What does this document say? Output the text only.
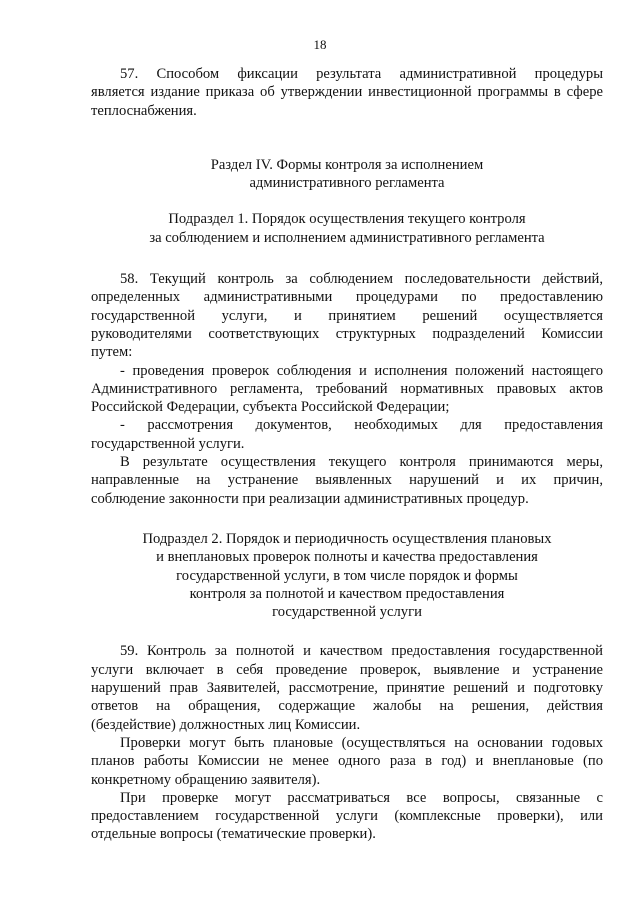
18

57. Способом фиксации результата административной процедуры

является издание приказа об утверждении инвестиционной программы в сфере

теплоснабжения.

Раздел IV. Формы контроля за исполнением
административного регламента
Подраздел 1. Порядок осуществления текущего контроля
за соблюдением и исполнением административного регламента

58. Текущий контроль за соблюдением последовательности действий,

определенных административными процедурами по предоставлению

государственной услуги, и принятием решений осуществляется

руководителями соответствующих структурных подразделений Комиссии

путем:

- проведения проверок соблюдения и исполнения положений настоящего

Административного регламента, требований нормативных правовых актов

Российской Федерации, субъекта Российской Федерации;

- рассмотрения документов, необходимых для предоставления

государственной услуги.

В результате осуществления текущего контроля принимаются меры,

направленные на устранение выявленных нарушений и их причин,

соблюдение законности при реализации административных процедур.

Подраздел 2. Порядок и периодичность осуществления плановых
и внеплановых проверок полноты и качества предоставления
государственной услуги, в том числе порядок и формы
контроля за полнотой и качеством предоставления
государственной услуги

59. Контроль за полнотой и качеством предоставления государственной

услуги включает в себя проведение проверок, выявление и устранение

нарушений прав Заявителей, рассмотрение, принятие решений и подготовку

ответов на обращения, содержащие жалобы на решения, действия

(бездействие) должностных лиц Комиссии.

Проверки могут быть плановые (осуществляться на основании годовых

планов работы Комиссии не менее одного раза в год) и внеплановые (по

конкретному обращению заявителя).

При проверке могут рассматриваться все вопросы, связанные с

предоставлением государственной услуги (комплексные проверки), или

отдельные вопросы (тематические проверки).
